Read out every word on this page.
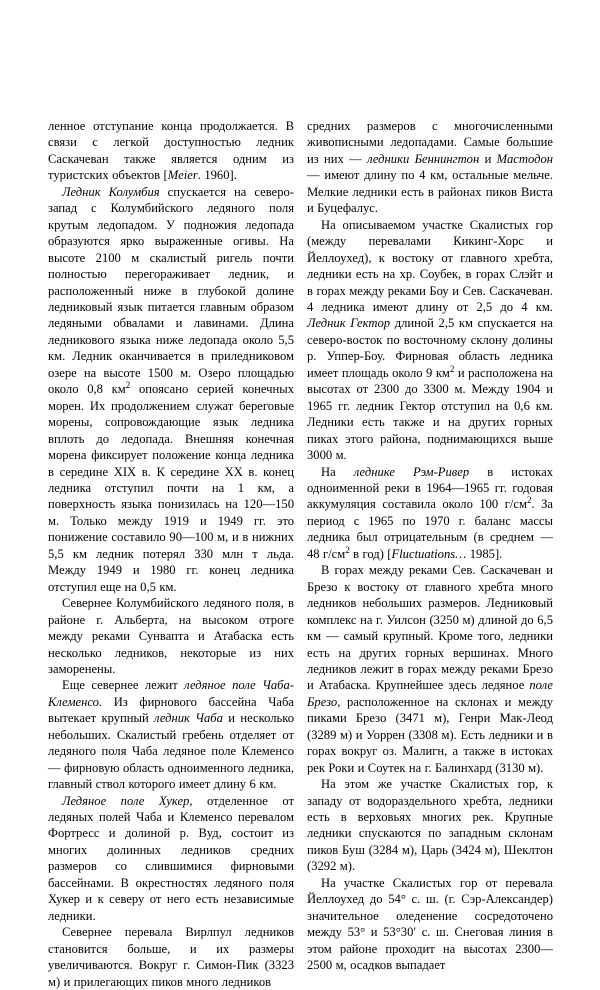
ленное отступание конца продолжается. В связи с легкой доступностью ледник Саскачеван также является одним из туристских объектов [Meier. 1960].

Ледник Колумбия спускается на северо-запад с Колумбийского ледяного поля крутым ледопадом. У подножия ледопада образуются ярко выраженные огивы. На высоте 2100 м скалистый ригель почти полностью перегораживает ледник, и расположенный ниже в глубокой долине ледниковый язык питается главным образом ледяными обвалами и лавинами. Длина ледникового языка ниже ледопада около 5,5 км. Ледник оканчивается в приледниковом озере на высоте 1500 м. Озеро площадью около 0,8 $км^2$ опоясано серией конечных морен. Их продолжением служат береговые морены, сопровождающие язык ледника вплоть до ледопада. Внешняя конечная морена фиксирует положение конца ледника в середине XIX в. К середине XX в. конец ледника отступил почти на 1 км, а поверхность языка понизилась на 120—150 м. Только между 1919 и 1949 гг. это понижение составило 90—100 м, и в нижних 5,5 км ледник потерял 330 млн т льда. Между 1949 и 1980 гг. конец ледника отступил еще на 0,5 км.

Севернее Колумбийского ледяного поля, в районе г. Альберта, на высоком отроге между реками Сунвапта и Атабаска есть несколько ледников, некоторые из них заморенены.

Еще севернее лежит ледяное поле Чаба-Клеменсо. Из фирнового бассейна Чаба вытекает крупный ледник Чаба и несколько небольших. Скалистый гребень отделяет от ледяного поля Чаба ледяное поле Клеменсо — фирновую область одноименного ледника, главный ствол которого имеет длину 6 км.

Ледяное поле Хукер, отделенное от ледяных полей Чаба и Клеменсо перевалом Фортресс и долиной р. Вуд, состоит из многих долинных ледников средних размеров со слившимися фирновыми бассейнами. В окрестностях ледяного поля Хукер и к северу от него есть независимые ледники.

Севернее перевала Вирлпул ледников становится больше, и их размеры увеличиваются. Вокруг г. Симон-Пик (3323 м) и прилегающих пиков много ледников

средних размеров с многочисленными живописными ледопадами. Самые большие из них — ледники Беннингтон и Мастодон — имеют длину по 4 км, остальные мельче. Мелкие ледники есть в районах пиков Виста и Буцефалус.

На описываемом участке Скалистых гор (между перевалами Кикинг-Хорс и Йеллоухед), к востоку от главного хребта, ледники есть на хр. Соубек, в горах Слэйт и в горах между реками Боу и Сев. Саскачеван. 4 ледника имеют длину от 2,5 до 4 км. Ледник Гектор длиной 2,5 км спускается на северо-восток по восточному склону долины р. Уппер-Боу. Фирновая область ледника имеет площадь около 9 $км^2$ и расположена на высотах от 2300 до 3300 м. Между 1904 и 1965 гг. ледник Гектор отступил на 0,6 км. Ледники есть также и на других горных пиках этого района, поднимающихся выше 3000 м.

На леднике Рэм-Ривер в истоках одноименной реки в 1964—1965 гг. годовая аккумуляция составила около 100 $г/см^2$. За период с 1965 по 1970 г. баланс массы ледника был отрицательным (в среднем — 48 $г/см^2$ в год) [Fluctuations… 1985].

В горах между реками Сев. Саскачеван и Брезо к востоку от главного хребта много ледников небольших размеров. Ледниковый комплекс на г. Уилсон (3250 м) длиной до 6,5 км — самый крупный. Кроме того, ледники есть на других горных вершинах. Много ледников лежит в горах между реками Брезо и Атабаска. Крупнейшее здесь ледяное поле Брезо, расположенное на склонах и между пиками Брезо (3471 м), Генри Мак-Леод (3289 м) и Уоррен (3308 м). Есть ледники и в горах вокруг оз. Малигн, а также в истоках рек Роки и Соутек на г. Балинхард (3130 м).

На этом же участке Скалистых гор, к западу от водораздельного хребта, ледники есть в верховьях многих рек. Крупные ледники спускаются по западным склонам пиков Буш (3284 м), Царь (3424 м), Шеклтон (3292 м).

На участке Скалистых гор от перевала Йеллоухед до 54° с. ш. (г. Сэр-Александер) значительное оледенение сосредоточено между 53° и 53°30′ с. ш. Снеговая линия в этом районе проходит на высотах 2300—2500 м, осадков выпадает
